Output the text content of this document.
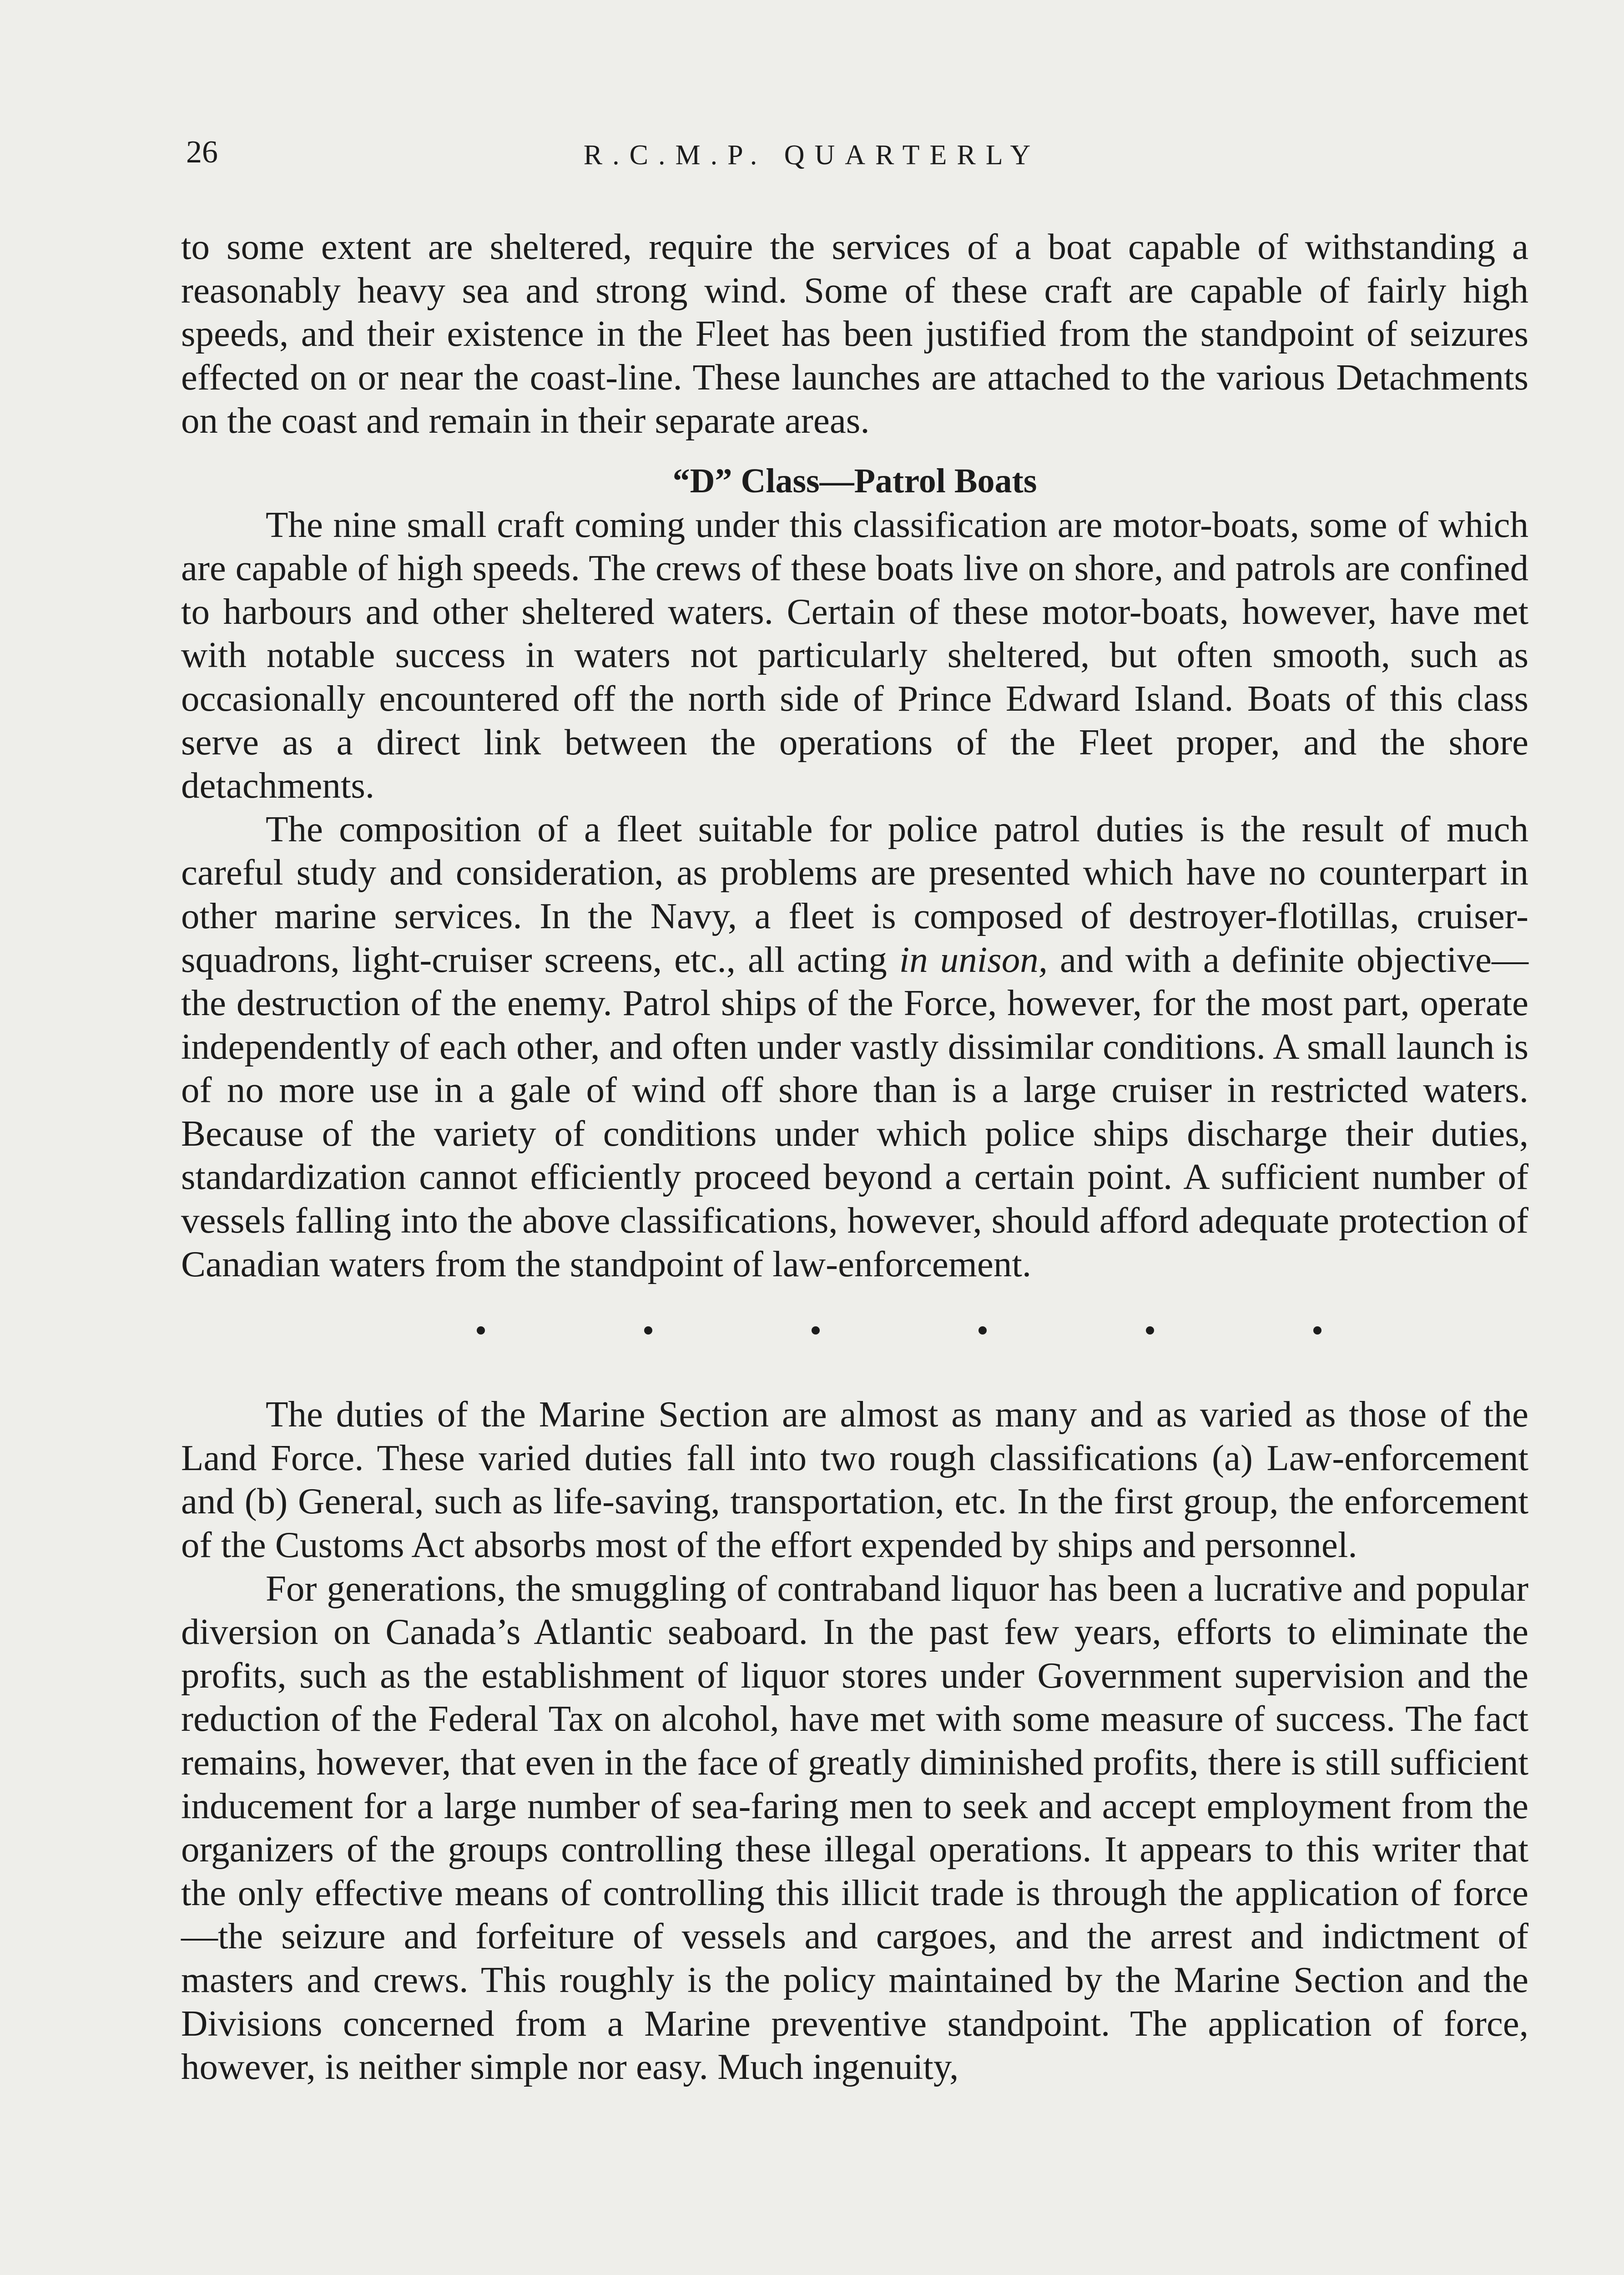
26	R.C.M.P. QUARTERLY

to some extent are sheltered, require the services of a boat capable of withstanding a reasonably heavy sea and strong wind. Some of these craft are capable of fairly high speeds, and their existence in the Fleet has been justified from the standpoint of seizures effected on or near the coast-line. These launches are attached to the various Detachments on the coast and remain in their separate areas.

“D” Class—Patrol Boats

The nine small craft coming under this classification are motor-boats, some of which are capable of high speeds. The crews of these boats live on shore, and patrols are confined to harbours and other sheltered waters. Certain of these motor-boats, however, have met with notable success in waters not particularly sheltered, but often smooth, such as occasionally encountered off the north side of Prince Edward Island. Boats of this class serve as a direct link between the operations of the Fleet proper, and the shore detachments.

The composition of a fleet suitable for police patrol duties is the result of much careful study and consideration, as problems are presented which have no counterpart in other marine services. In the Navy, a fleet is composed of destroyer-flotillas, cruiser-squadrons, light-cruiser screens, etc., all acting in unison, and with a definite objective—the destruction of the enemy. Patrol ships of the Force, however, for the most part, operate independently of each other, and often under vastly dissimilar conditions. A small launch is of no more use in a gale of wind off shore than is a large cruiser in restricted waters. Because of the variety of conditions under which police ships discharge their duties, standardization cannot efficiently proceed beyond a certain point. A sufficient number of vessels falling into the above classifications, however, should afford adequate protection of Canadian waters from the standpoint of law-enforcement.

The duties of the Marine Section are almost as many and as varied as those of the Land Force. These varied duties fall into two rough classifications (a) Law-enforcement and (b) General, such as life-saving, transportation, etc. In the first group, the enforcement of the Customs Act absorbs most of the effort expended by ships and personnel.

For generations, the smuggling of contraband liquor has been a lucrative and popular diversion on Canada’s Atlantic seaboard. In the past few years, efforts to eliminate the profits, such as the establishment of liquor stores under Government supervision and the reduction of the Federal Tax on alcohol, have met with some measure of success. The fact remains, however, that even in the face of greatly diminished profits, there is still sufficient inducement for a large number of sea-faring men to seek and accept employment from the organizers of the groups controlling these illegal operations. It appears to this writer that the only effective means of controlling this illicit trade is through the application of force—the seizure and forfeiture of vessels and cargoes, and the arrest and indictment of masters and crews. This roughly is the policy maintained by the Marine Section and the Divisions concerned from a Marine preventive standpoint. The application of force, however, is neither simple nor easy. Much ingenuity,
